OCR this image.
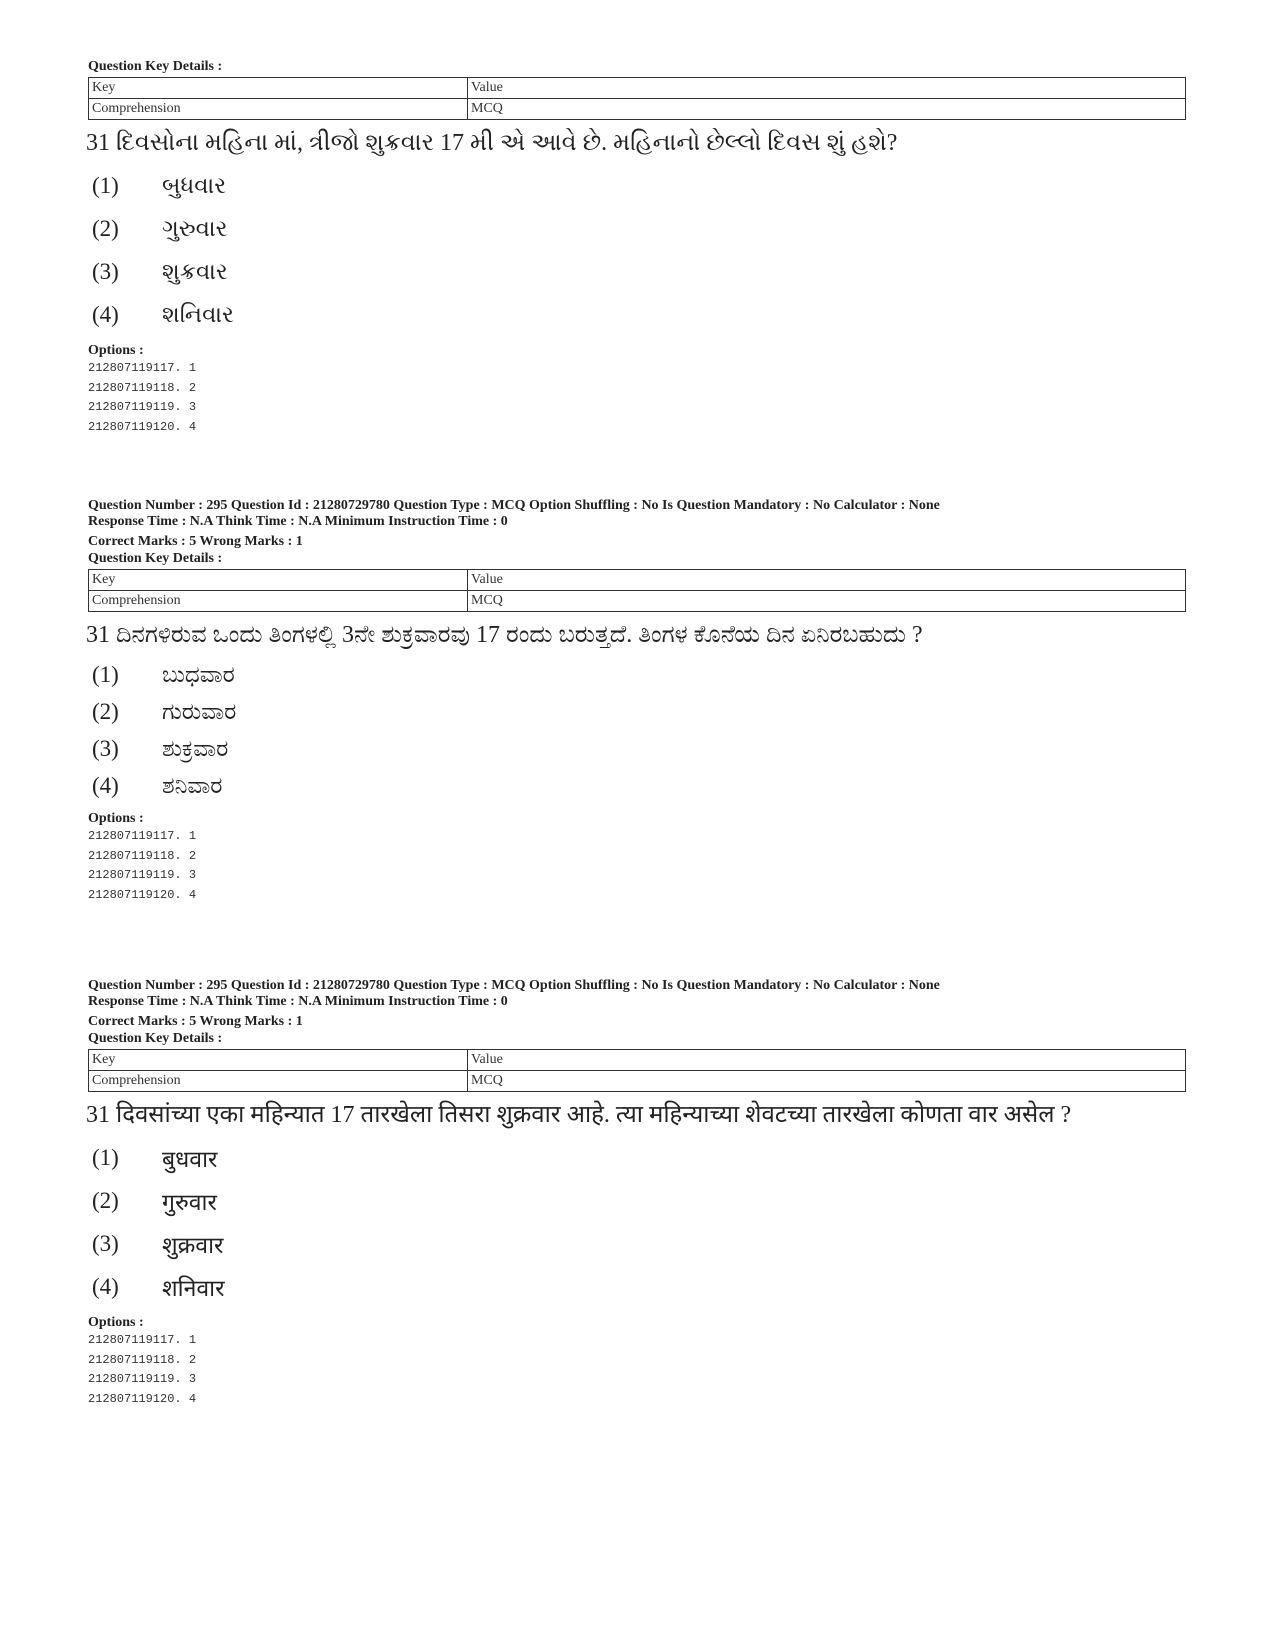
Question Key Details :
Key	Value
Comprehension	MCQ
31 દિવસોના મહિના માં, ત્રીજો શુક્રવાર 17 મી એ આવે છે. મહિનાનો છેલ્લો દિવસ શું હશે?
(1)	બુધવાર
(2)	ગુરુવાર
(3)	શુક્રવાર
(4)	શનિવાર
Options :
212807119117. 1
212807119118. 2
212807119119. 3
212807119120. 4
Question Number : 295 Question Id : 21280729780 Question Type : MCQ Option Shuffling : No Is Question Mandatory : No Calculator : None
Response Time : N.A Think Time : N.A Minimum Instruction Time : 0
Correct Marks : 5 Wrong Marks : 1
Question Key Details :
Key	Value
Comprehension	MCQ
31 ದಿನಗಳಿರುವ ಒಂದು ತಿಂಗಳಲ್ಲಿ 3ನೇ ಶುಕ್ರವಾರವು 17 ರಂದು ಬರುತ್ತದೆ. ತಿಂಗಳ ಕೊನೆಯ ದಿನ ಏನಿರಬಹುದು ?
(1)	ಬುಧವಾರ
(2)	ಗುರುವಾರ
(3)	ಶುಕ್ರವಾರ
(4)	ಶನಿವಾರ
Options :
212807119117. 1
212807119118. 2
212807119119. 3
212807119120. 4
Question Number : 295 Question Id : 21280729780 Question Type : MCQ Option Shuffling : No Is Question Mandatory : No Calculator : None
Response Time : N.A Think Time : N.A Minimum Instruction Time : 0
Correct Marks : 5 Wrong Marks : 1
Question Key Details :
Key	Value
Comprehension	MCQ
31 दिवसांच्या एका महिन्यात 17 तारखेला तिसरा शुक्रवार आहे. त्या महिन्याच्या शेवटच्या तारखेला कोणता वार असेल ?
(1)	बुधवार
(2)	गुरुवार
(3)	शुक्रवार
(4)	शनिवार
Options :
212807119117. 1
212807119118. 2
212807119119. 3
212807119120. 4
